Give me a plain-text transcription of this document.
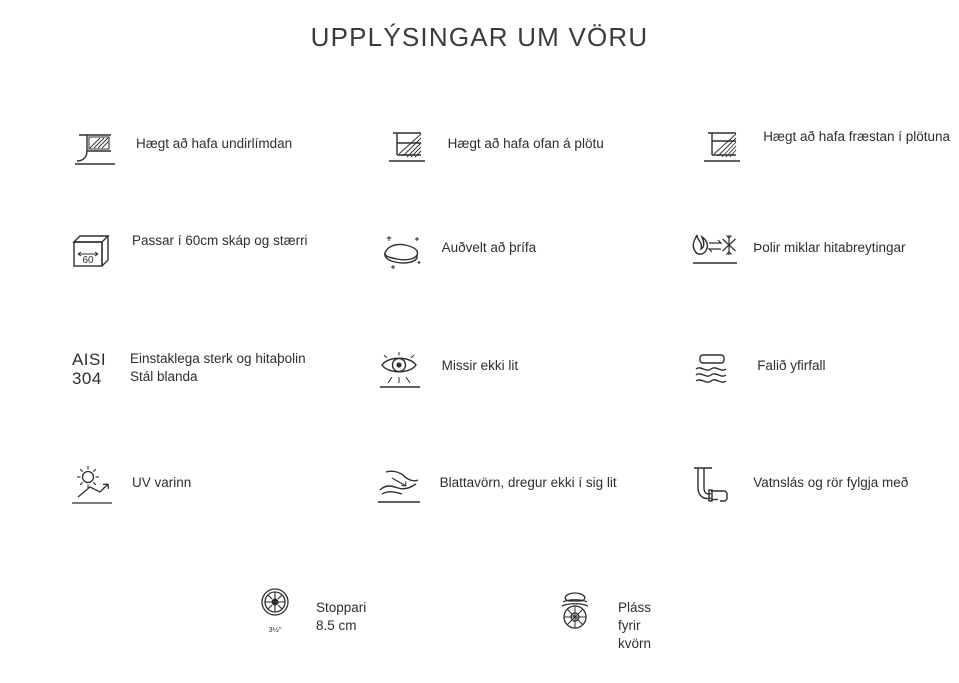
UPPLÝSINGAR UM VÖRU
Hægt að hafa undirlímdan	Hægt að hafa ofan á plötu	Hægt að hafa fræstan í plötuna
60
Passar í 60cm skáp og stærri	Auðvelt að þrífa	Þolir miklar hitabreytingar
AISI
304
Einstaklega sterk og hitaþolin Stál blanda
Missir ekki lit	Falið yfirfall
UV varinn	Blattavörn, dregur ekki í sig lit	Vatnslás og rör fylgja með
3½"
Stoppari 8.5 cm
Pláss fyrir kvörn
